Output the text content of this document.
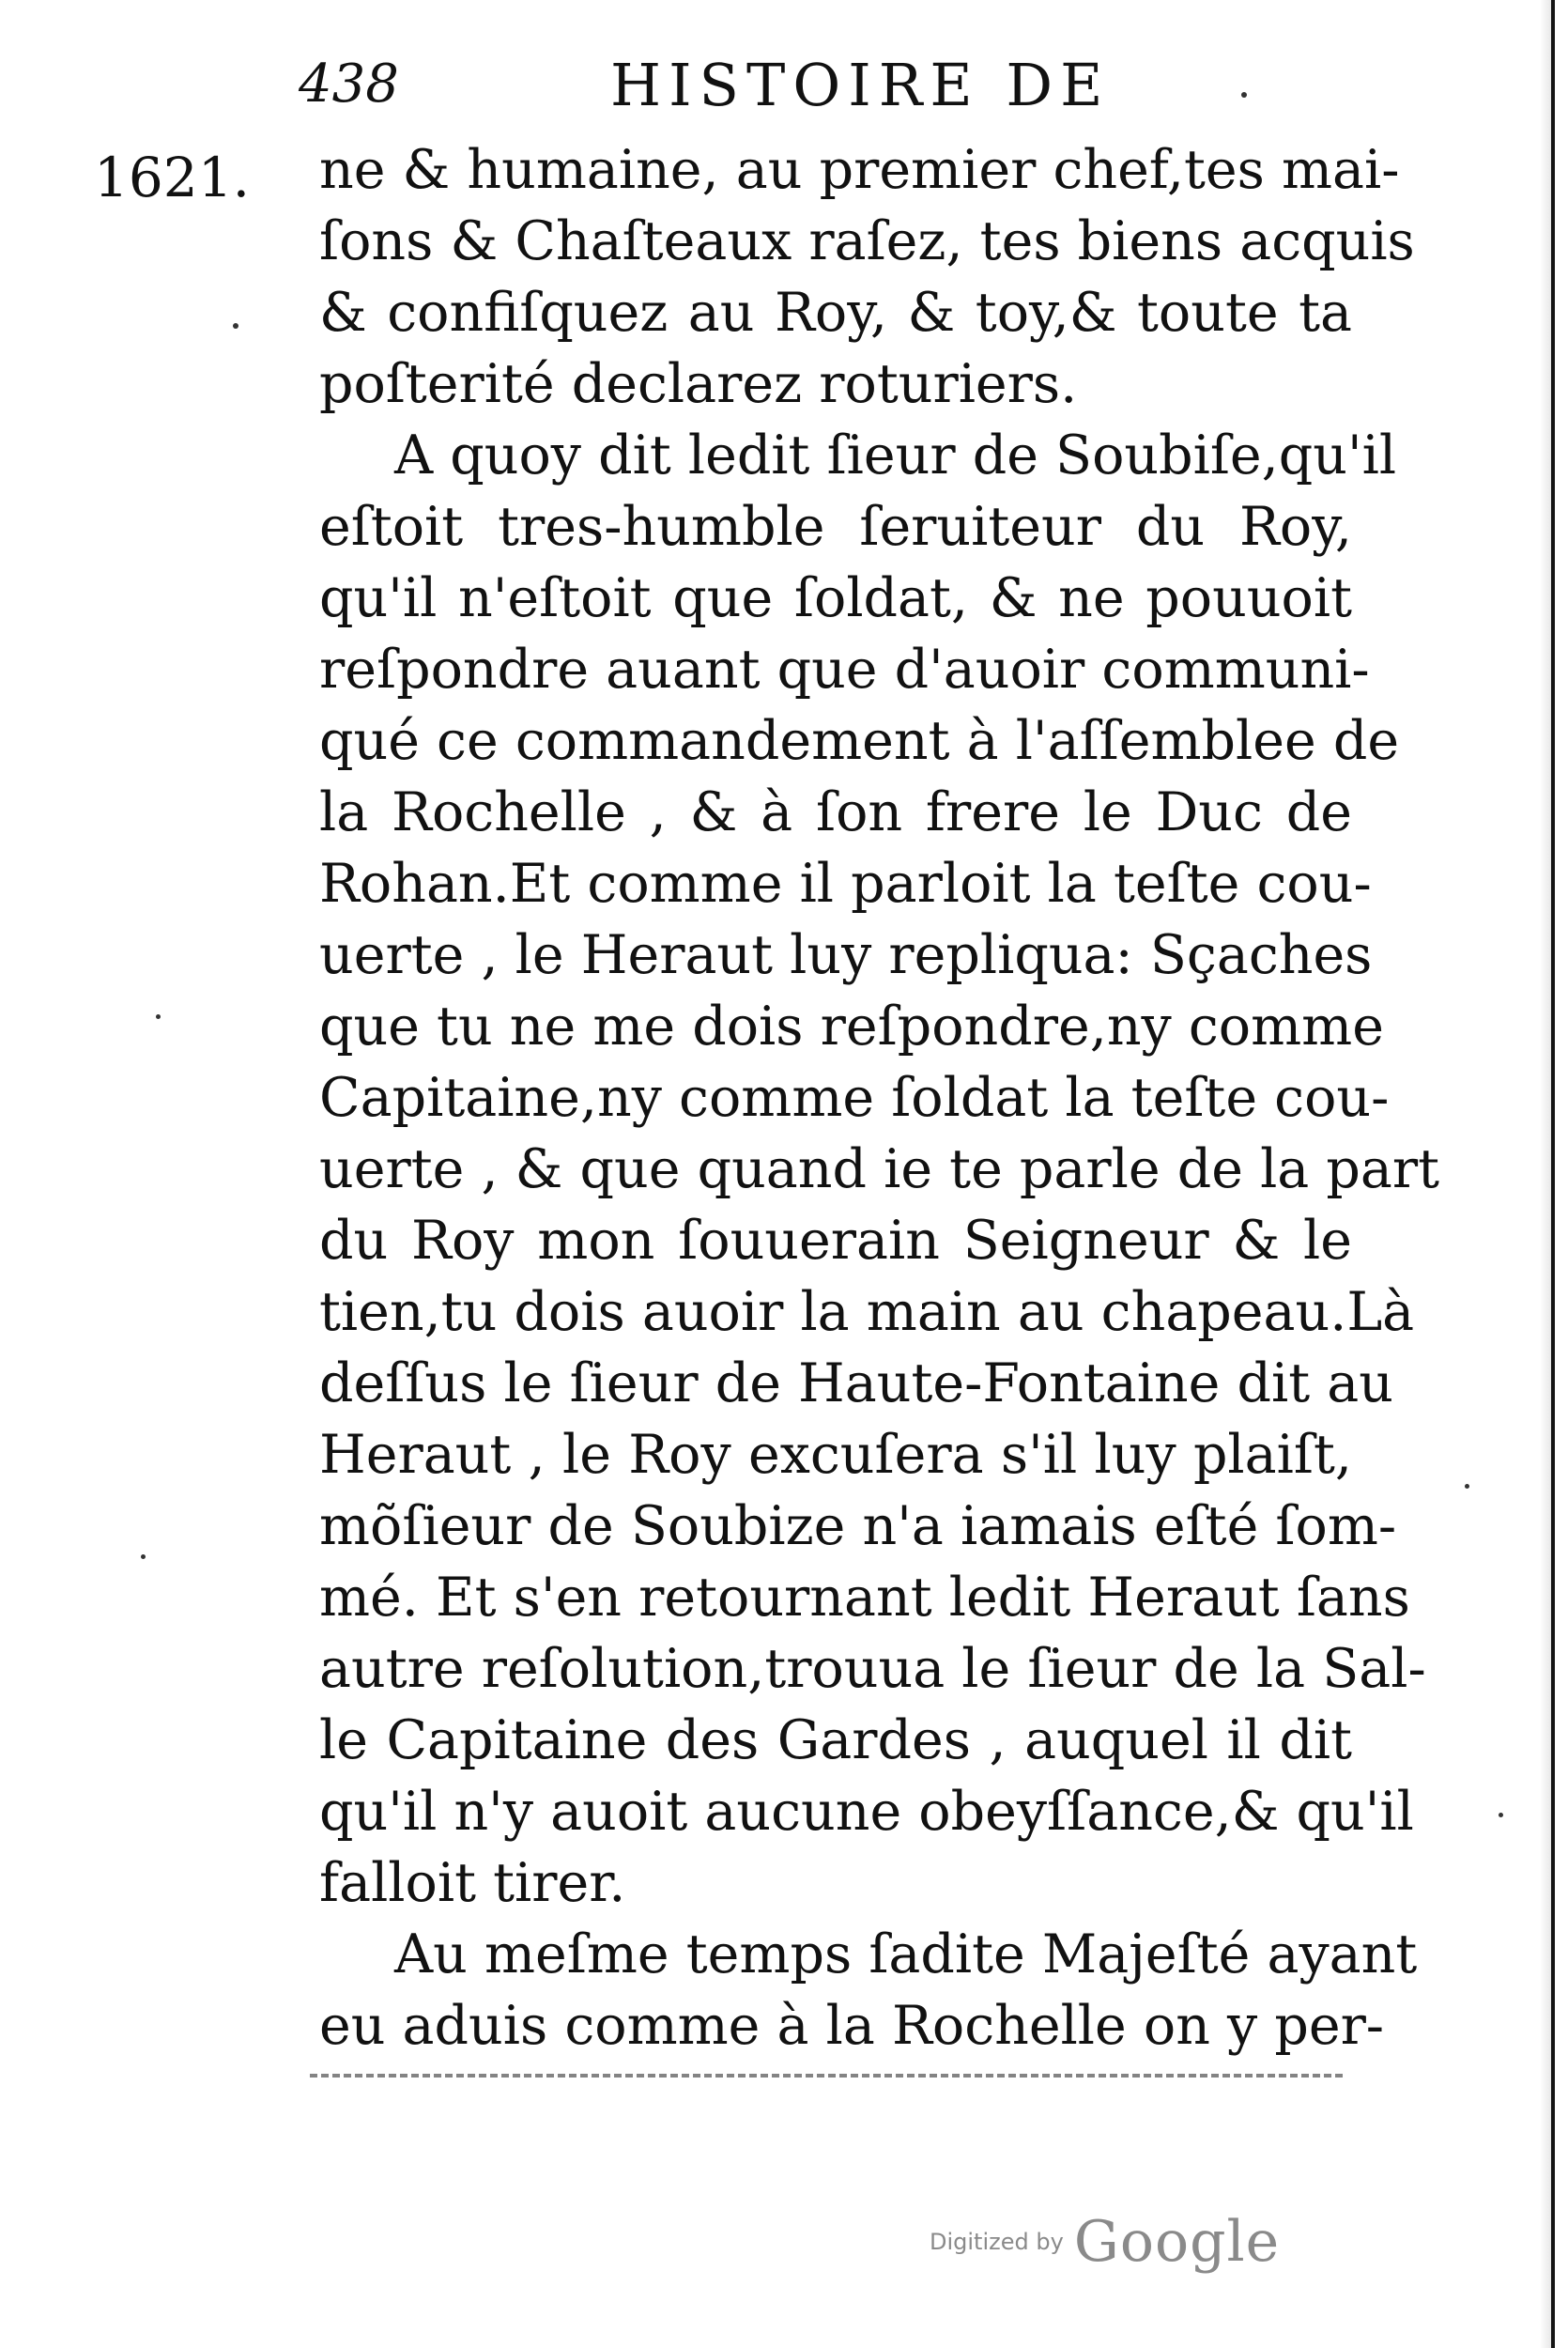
438	HISTOIRE DE
1621. ne & humaine, au premier chef,tes mai-
ſons & Chaſteaux raſez, tes biens acquis
& confiſquez au Roy, & toy,& toute ta
poſterité declarez roturiers.
A quoy dit ledit ſieur de Soubiſe,qu'il
eſtoit tres-humble ſeruiteur du Roy,
qu'il n'eſtoit que ſoldat, & ne pouuoit
reſpondre auant que d'auoir communi-
qué ce commandement à l'aſſemblee de
la Rochelle , & à ſon frere le Duc de
Rohan.Et comme il parloit la teſte cou-
uerte , le Heraut luy repliqua: Sçaches
que tu ne me dois reſpondre,ny comme
Capitaine,ny comme ſoldat la teſte cou-
uerte , & que quand ie te parle de la part
du Roy mon ſouuerain Seigneur & le
tien,tu dois auoir la main au chapeau.Là
deſſus le ſieur de Haute-Fontaine dit au
Heraut , le Roy excuſera s'il luy plaiſt,
mõſieur de Soubize n'a iamais eſté ſom-
mé. Et s'en retournant ledit Heraut ſans
autre reſolution,trouua le ſieur de la Sal-
le Capitaine des Gardes , auquel il dit
qu'il n'y auoit aucune obeyſſance,& qu'il
falloit tirer.
Au meſme temps ſadite Majeſté ayant
eu aduis comme à la Rochelle on y per-
Digitized by Google
